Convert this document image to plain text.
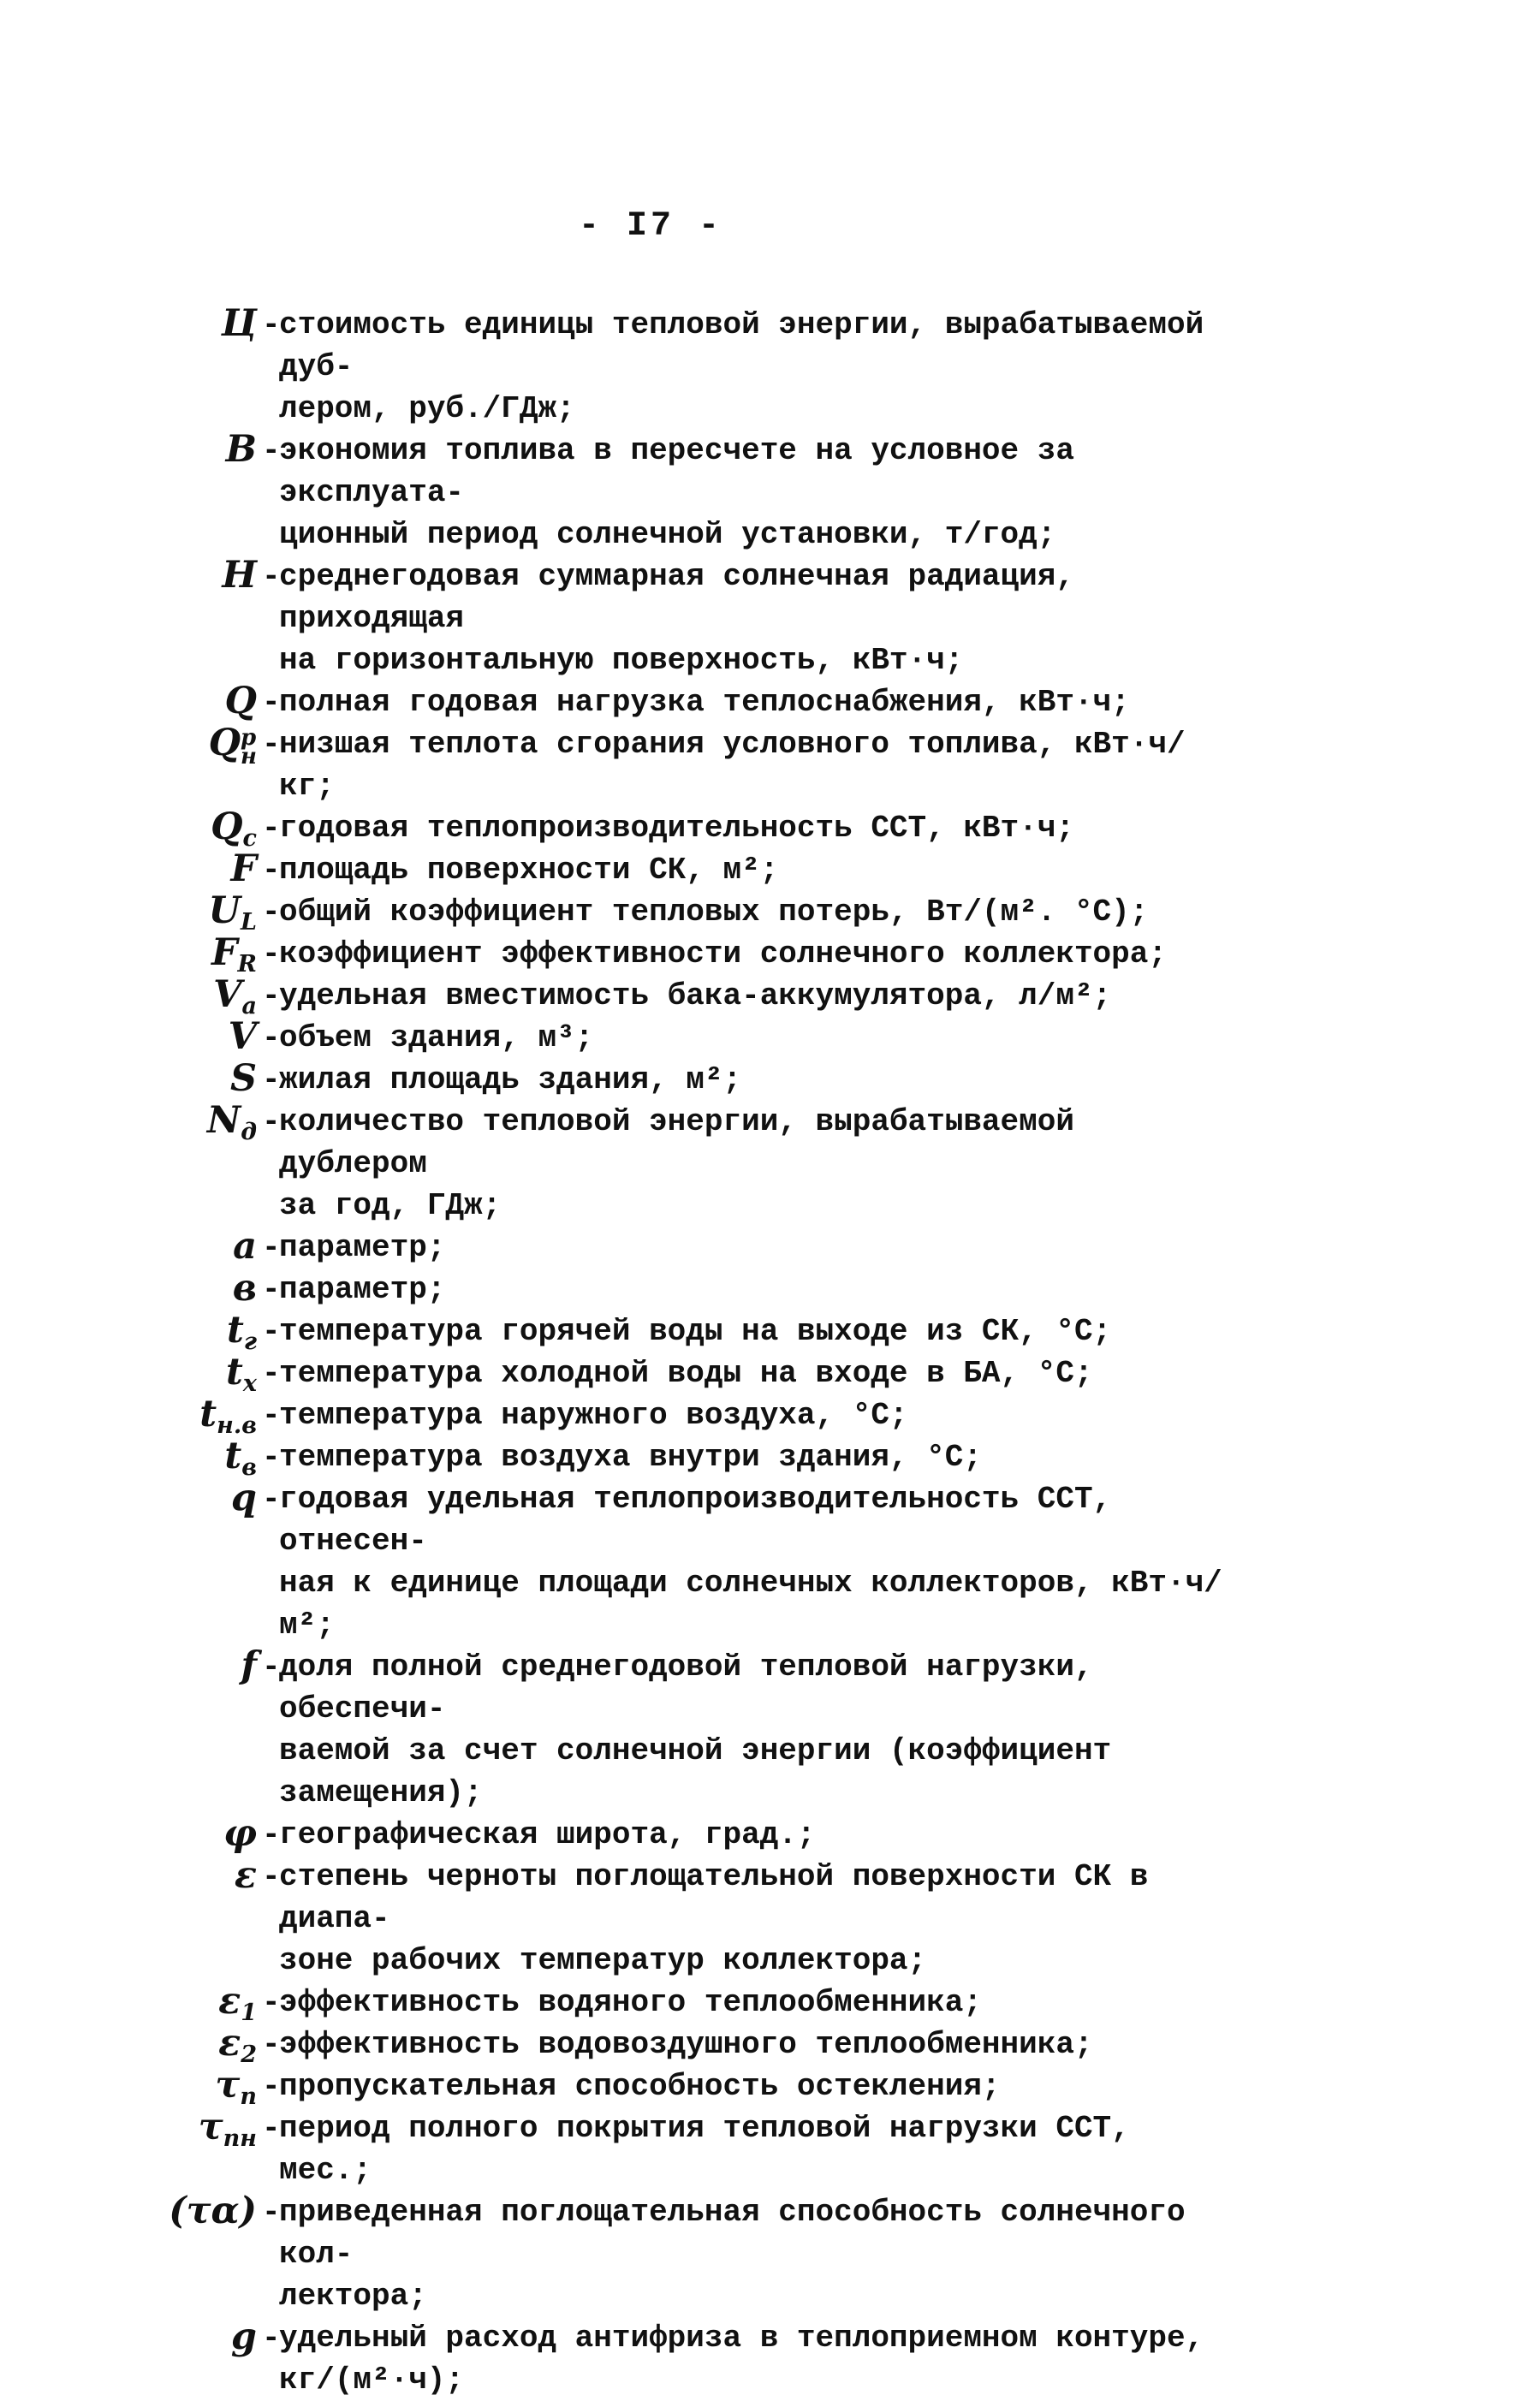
- I7 -
Ц -
стоимость единицы тепловой энергии, вырабатываемой дуб-
лером, руб./ГДж;
В -
экономия топлива в пересчете на условное за эксплуата-
ционный период солнечной установки, т/год;
H -
среднегодовая суммарная солнечная радиация, приходящая
на горизонтальную поверхность, кВт·ч;
Q -
полная годовая нагрузка теплоснабжения, кВт·ч;
Q р
н -
низшая теплота сгорания условного топлива, кВт·ч/кг;
$Q_c$ -
годовая теплопроизводительность ССТ, кВт·ч;
F -
площадь поверхности СК, м²;
$U_L$ -
общий коэффициент тепловых потерь, Вт/(м². °С);
$F_R$ -
коэффициент эффективности солнечного коллектора;
$V_a$ -
удельная вместимость бака-аккумулятора, л/м²;
V -
объем здания, м³;
S -
жилая площадь здания, м²;
$N_д$ -
количество тепловой энергии, вырабатываемой дублером
за год, ГДж;
a -
параметр;
в -
параметр;
$t_г$ -
температура горячей воды на выходе из СК, °С;
$t_х$ -
температура холодной воды на входе в БА, °С;
$t_{н.в}$ -
температура наружного воздуха, °С;
$t_в$ -
температура воздуха внутри здания, °С;
q -
годовая удельная теплопроизводительность ССТ, отнесен-
ная к единице площади солнечных коллекторов, кВт·ч/м²;
f -
доля полной среднегодовой тепловой нагрузки, обеспечи-
ваемой за счет солнечной энергии (коэффициент замещения);
φ -
географическая широта, град.;
ε -
степень черноты поглощательной поверхности СК в диапа-
зоне рабочих температур коллектора;
$\varepsilon_1$ -
эффективность водяного теплообменника;
$\varepsilon_2$ -
эффективность водовоздушного теплообменника;
$\tau_п$ -
пропускательная способность остекления;
$\tau_{пн}$ -
период полного покрытия тепловой нагрузки ССТ, мес.;
(τα) -
приведенная поглощательная способность солнечного кол-
лектора;
g -
удельный расход антифриза в теплоприемном контуре,
кг/(м²·ч);
